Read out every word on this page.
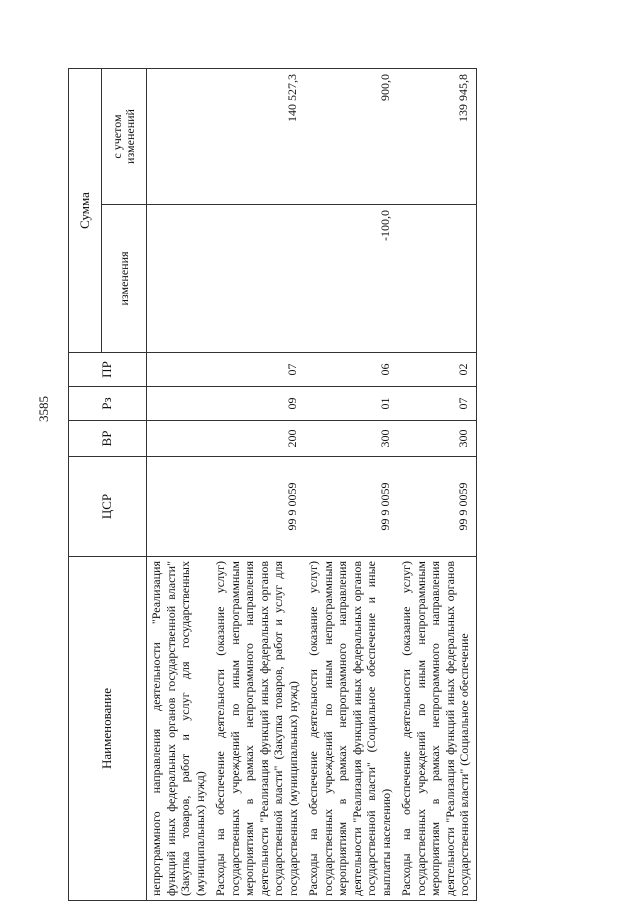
3585
Наименование	ЦСР	ВР	Рз	ПР	Сумма	
					изменения	с учетом
изменений
непрограммного направления деятельности "Реализация функций иных федеральных органов государственной власти" (Закупка товаров, работ и услуг для государственных (муниципальных) нужд)						
Расходы на обеспечение деятельности (оказание услуг) государственных учреждений по иным непрограммным мероприятиям в рамках непрограммного направления деятельности "Реализация функций иных федеральных органов государственной власти" (Закупка товаров, работ и услуг для государственных (муниципальных) нужд)	99 9 0059	200	09	07		140 527,3
Расходы на обеспечение деятельности (оказание услуг) государственных учреждений по иным непрограммным мероприятиям в рамках непрограммного направления деятельности "Реализация функций иных федеральных органов государственной власти" (Социальное обеспечение и иные выплаты населению)	99 9 0059	300	01	06	-100,0	900,0
Расходы на обеспечение деятельности (оказание услуг) государственных учреждений по иным непрограммным мероприятиям в рамках непрограммного направления деятельности "Реализация функций иных федеральных органов государственной власти" (Социальное обеспечение	99 9 0059	300	07	02		139 945,8
